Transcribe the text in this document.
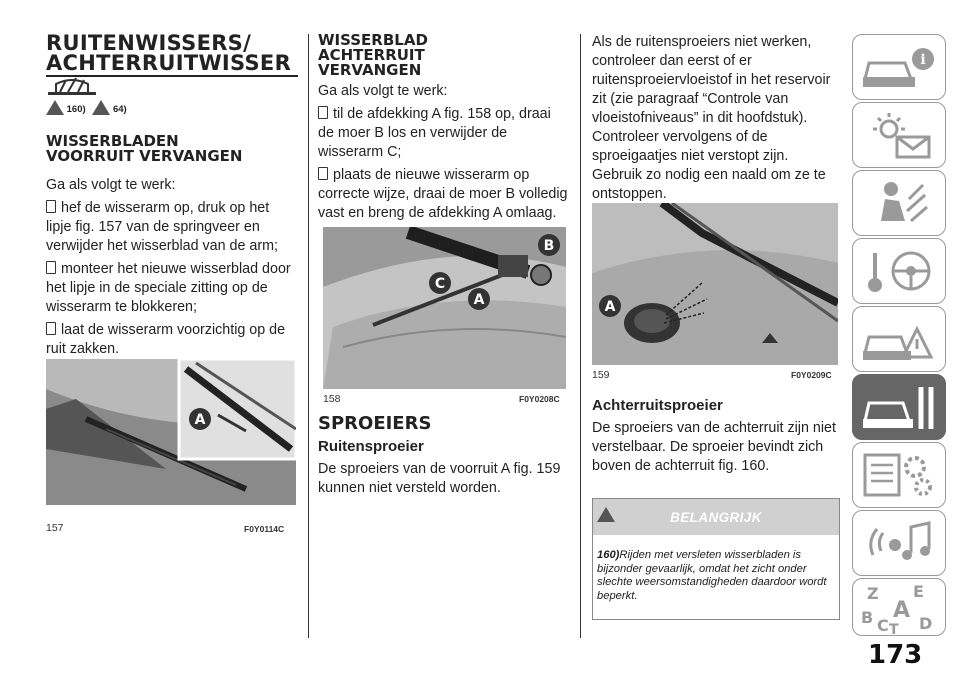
RUITENWISSERS/

ACHTERRUITWISSER

160)	64)

WISSERBLADEN

VOORRUIT VERVANGEN

Ga als volgt te werk:

hef de wisserarm op, druk op het lipje fig. 157 van de springveer en verwijder het wisserblad van de arm;

monteer het nieuwe wisserblad door het lipje in de speciale zitting op de wisserarm te blokkeren;

laat de wisserarm voorzichtig op de ruit zakken.

A
157	F0Y0114C

WISSERBLAD

ACHTERRUIT

VERVANGEN

Ga als volgt te werk:

til de afdekking A fig. 158 op, draai de moer B los en verwijder de wisserarm C;

plaats de nieuwe wisserarm op correcte wijze, draai de moer B volledig vast en breng de afdekking A omlaag.

B
C
A
158	F0Y0208C

SPROEIERS

Ruitensproeier

De sproeiers van de voorruit A fig. 159 kunnen niet versteld worden.

Als de ruitensproeiers niet werken, controleer dan eerst of er ruitensproeiervloeistof in het reservoir zit (zie paragraaf “Controle van vloeistofniveaus” in dit hoofdstuk). Controleer vervolgens of de sproeigaatjes niet verstopt zijn. Gebruik zo nodig een naald om ze te ontstoppen.

A
159	F0Y0209C

Achterruitsproeier

De sproeiers van de achterruit zijn niet verstelbaar. De sproeier bevindt zich boven de achterruit fig. 160.

BELANGRIJK
160)Rijden met versleten wisserbladen is bijzonder gevaarlijk, omdat het zicht onder slechte weersomstandigheden daardoor wordt beperkt.
i
Z E
A
B C T D
173
